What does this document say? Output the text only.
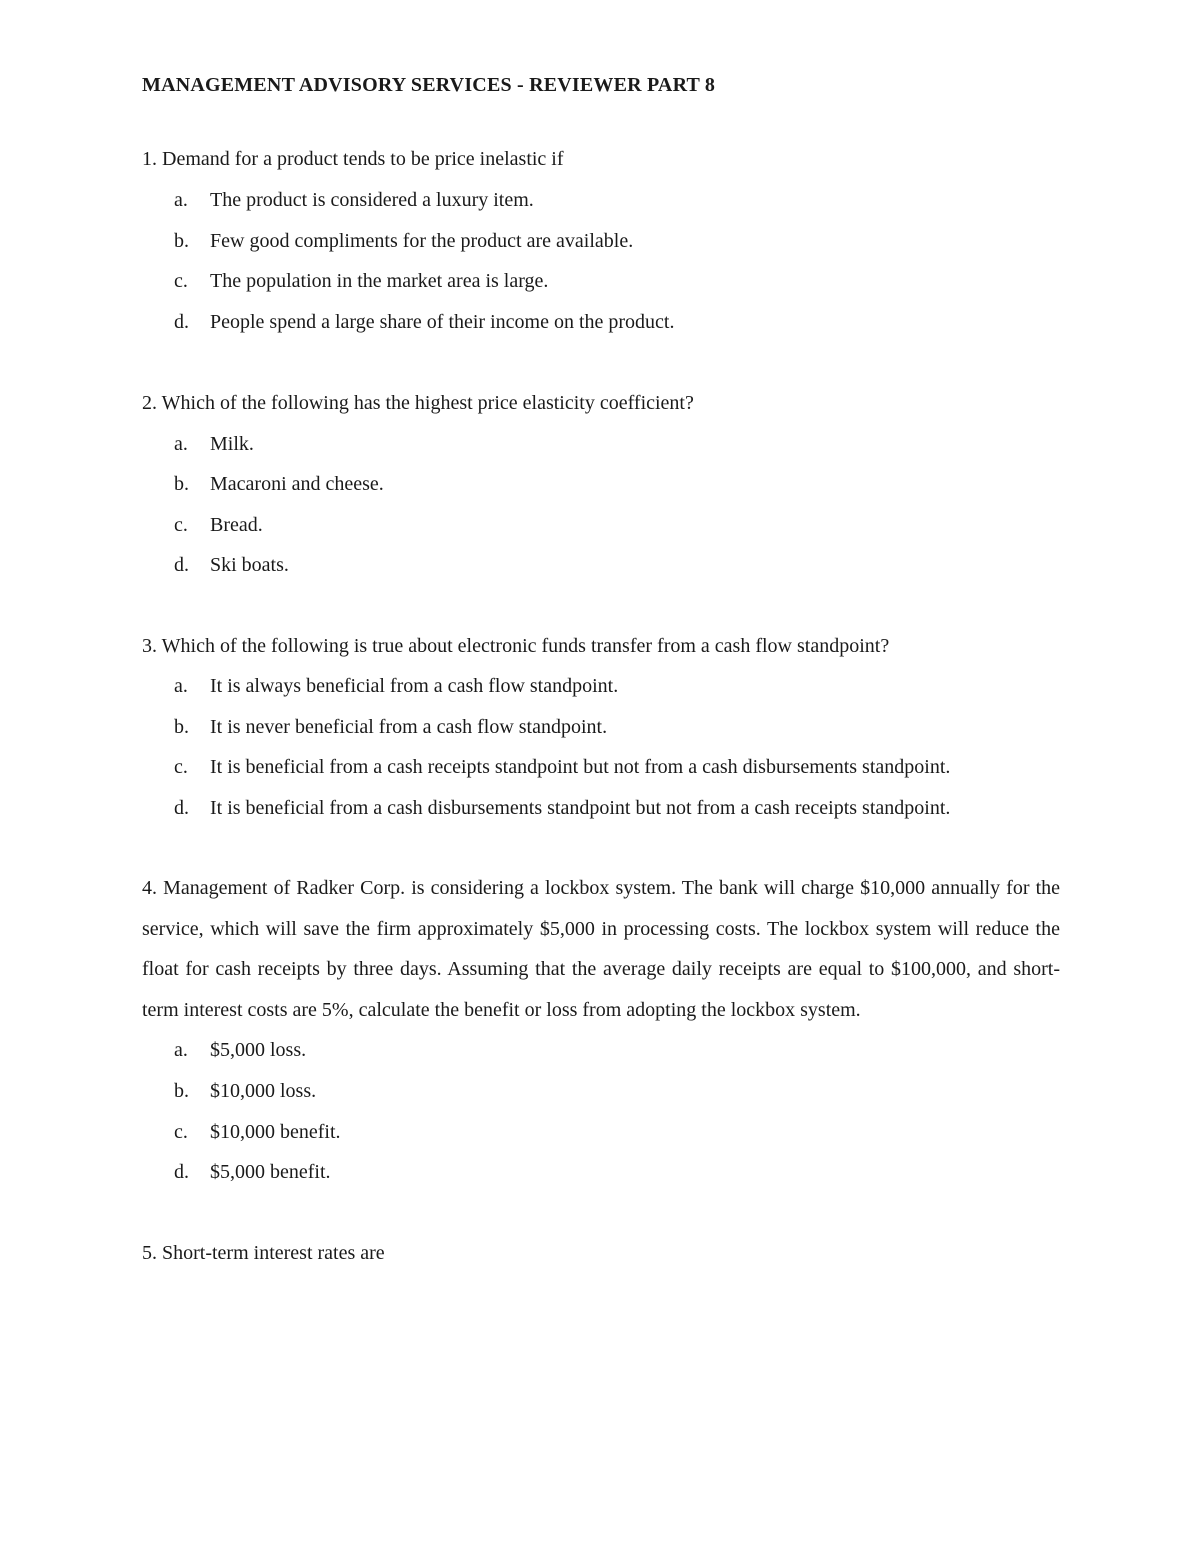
MANAGEMENT ADVISORY SERVICES - REVIEWER PART 8

1. Demand for a product tends to be price inelastic if

a.	The product is considered a luxury item.
b.	Few good compliments for the product are available.
c.	The population in the market area is large.
d.	People spend a large share of their income on the product.

2. Which of the following has the highest price elasticity coefficient?

a.	Milk.
b.	Macaroni and cheese.
c.	Bread.
d.	Ski boats.

3. Which of the following is true about electronic funds transfer from a cash flow standpoint?

a.	It is always beneficial from a cash flow standpoint.
b.	It is never beneficial from a cash flow standpoint.
c.	It is beneficial from a cash receipts standpoint but not from a cash disbursements standpoint.
d.	It is beneficial from a cash disbursements standpoint but not from a cash receipts standpoint.

4. Management of Radker Corp. is considering a lockbox system. The bank will charge $10,000 annually for the service, which will save the firm approximately $5,000 in processing costs. The lockbox system will reduce the float for cash receipts by three days. Assuming that the average daily receipts are equal to $100,000, and short-term interest costs are 5%, calculate the benefit or loss from adopting the lockbox system.

a.	$5,000 loss.
b.	$10,000 loss.
c.	$10,000 benefit.
d.	$5,000 benefit.

5. Short-term interest rates are
